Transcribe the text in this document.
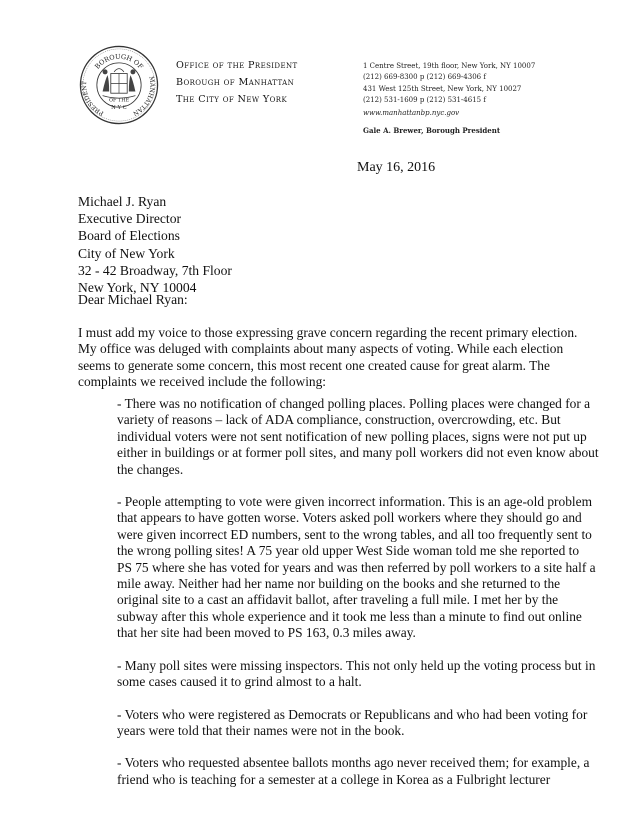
BOROUGH OF
PRESIDENT
MANHATTAN
OF THE
N Y C
Office of the President
Borough of Manhattan
The City of New York
1 Centre Street, 19th floor, New York, NY 10007
(212) 669-8300 p (212) 669-4306 f
431 West 125th Street, New York, NY 10027
(212) 531-1609 p (212) 531-4615 f
www.manhattanbp.nyc.gov
Gale A. Brewer, Borough President
May 16, 2016
Michael J. Ryan
Executive Director
Board of Elections
City of New York
32 - 42 Broadway, 7th Floor
New York, NY 10004
Dear Michael Ryan:
I must add my voice to those expressing grave concern regarding the recent primary election.
My office was deluged with complaints about many aspects of voting. While each election
seems to generate some concern, this most recent one created cause for great alarm. The
complaints we received include the following:

- There was no notification of changed polling places. Polling places were changed for a
variety of reasons – lack of ADA compliance, construction, overcrowding, etc. But
individual voters were not sent notification of new polling places, signs were not put up
either in buildings or at former poll sites, and many poll workers did not even know about
the changes.

- People attempting to vote were given incorrect information. This is an age-old problem
that appears to have gotten worse. Voters asked poll workers where they should go and
were given incorrect ED numbers, sent to the wrong tables, and all too frequently sent to
the wrong polling sites! A 75 year old upper West Side woman told me she reported to
PS 75 where she has voted for years and was then referred by poll workers to a site half a
mile away. Neither had her name nor building on the books and she returned to the
original site to a cast an affidavit ballot, after traveling a full mile. I met her by the
subway after this whole experience and it took me less than a minute to find out online
that her site had been moved to PS 163, 0.3 miles away.

- Many poll sites were missing inspectors. This not only held up the voting process but in
some cases caused it to grind almost to a halt.

- Voters who were registered as Democrats or Republicans and who had been voting for
years were told that their names were not in the book.

- Voters who requested absentee ballots months ago never received them; for example, a
friend who is teaching for a semester at a college in Korea as a Fulbright lecturer
